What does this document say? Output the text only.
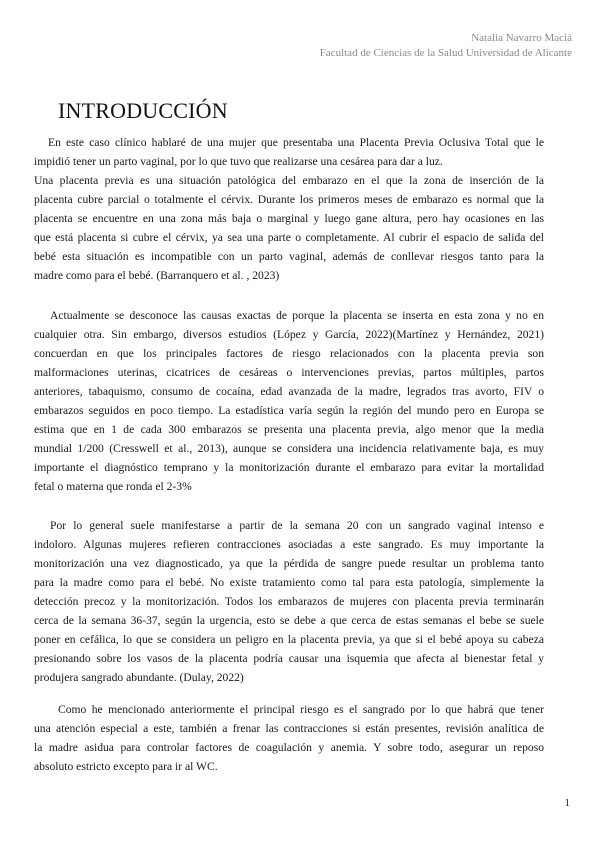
Natalia Navarro Maciá
Facultad de Ciencias de la Salud Universidad de Alicante
INTRODUCCIÓN
En este caso clínico hablaré de una mujer que presentaba una Placenta Previa Oclusiva Total que le
impidió tener un parto vaginal, por lo que tuvo que realizarse una cesárea para dar a luz.
Una placenta previa es una situación patológica del embarazo en el que la zona de inserción de la
placenta cubre parcial o totalmente el cérvix. Durante los primeros meses de embarazo es normal que la
placenta se encuentre en una zona más baja o marginal y luego gane altura, pero hay ocasiones en las
que está placenta si cubre el cérvix, ya sea una parte o completamente. Al cubrir el espacio de salida del
bebé esta situación es incompatible con un parto vaginal, además de conllevar riesgos tanto para la
madre como para el bebé. (Barranquero et al. , 2023)
Actualmente se desconoce las causas exactas de porque la placenta se inserta en esta zona y no en
cualquier otra. Sin embargo, diversos estudios (López y García, 2022)(Martínez y Hernández, 2021)
concuerdan en que los principales factores de riesgo relacionados con la placenta previa son
malformaciones uterinas, cicatrices de cesáreas o intervenciones previas, partos múltiples, partos
anteriores, tabaquismo, consumo de cocaína, edad avanzada de la madre, legrados tras avorto, FIV o
embarazos seguidos en poco tiempo. La estadística varía según la región del mundo pero en Europa se
estima que en 1 de cada 300 embarazos se presenta una placenta previa, algo menor que la media
mundial 1/200 (Cresswell et al., 2013), aunque se considera una incidencia relativamente baja, es muy
importante el diagnóstico temprano y la monitorización durante el embarazo para evitar la mortalidad
fetal o materna que ronda el 2-3%
Por lo general suele manifestarse a partir de la semana 20 con un sangrado vaginal intenso e
indoloro. Algunas mujeres refieren contracciones asociadas a este sangrado. Es muy importante la
monitorización una vez diagnosticado, ya que la pérdida de sangre puede resultar un problema tanto
para la madre como para el bebé. No existe tratamiento como tal para esta patología, simplemente la
detección precoz y la monitorización. Todos los embarazos de mujeres con placenta previa terminarán
cerca de la semana 36-37, según la urgencia, esto se debe a que cerca de estas semanas el bebe se suele
poner en cefálica, lo que se considera un peligro en la placenta previa, ya que si el bebé apoya su cabeza
presionando sobre los vasos de la placenta podría causar una isquemia que afecta al bienestar fetal y
produjera sangrado abundante. (Dulay, 2022)
Como he mencionado anteriormente el principal riesgo es el sangrado por lo que habrá que tener
una atención especial a este, también a frenar las contracciones si están presentes, revisión analítica de
la madre asidua para controlar factores de coagulación y anemia. Y sobre todo, asegurar un reposo
absoluto estricto excepto para ir al WC.
1
